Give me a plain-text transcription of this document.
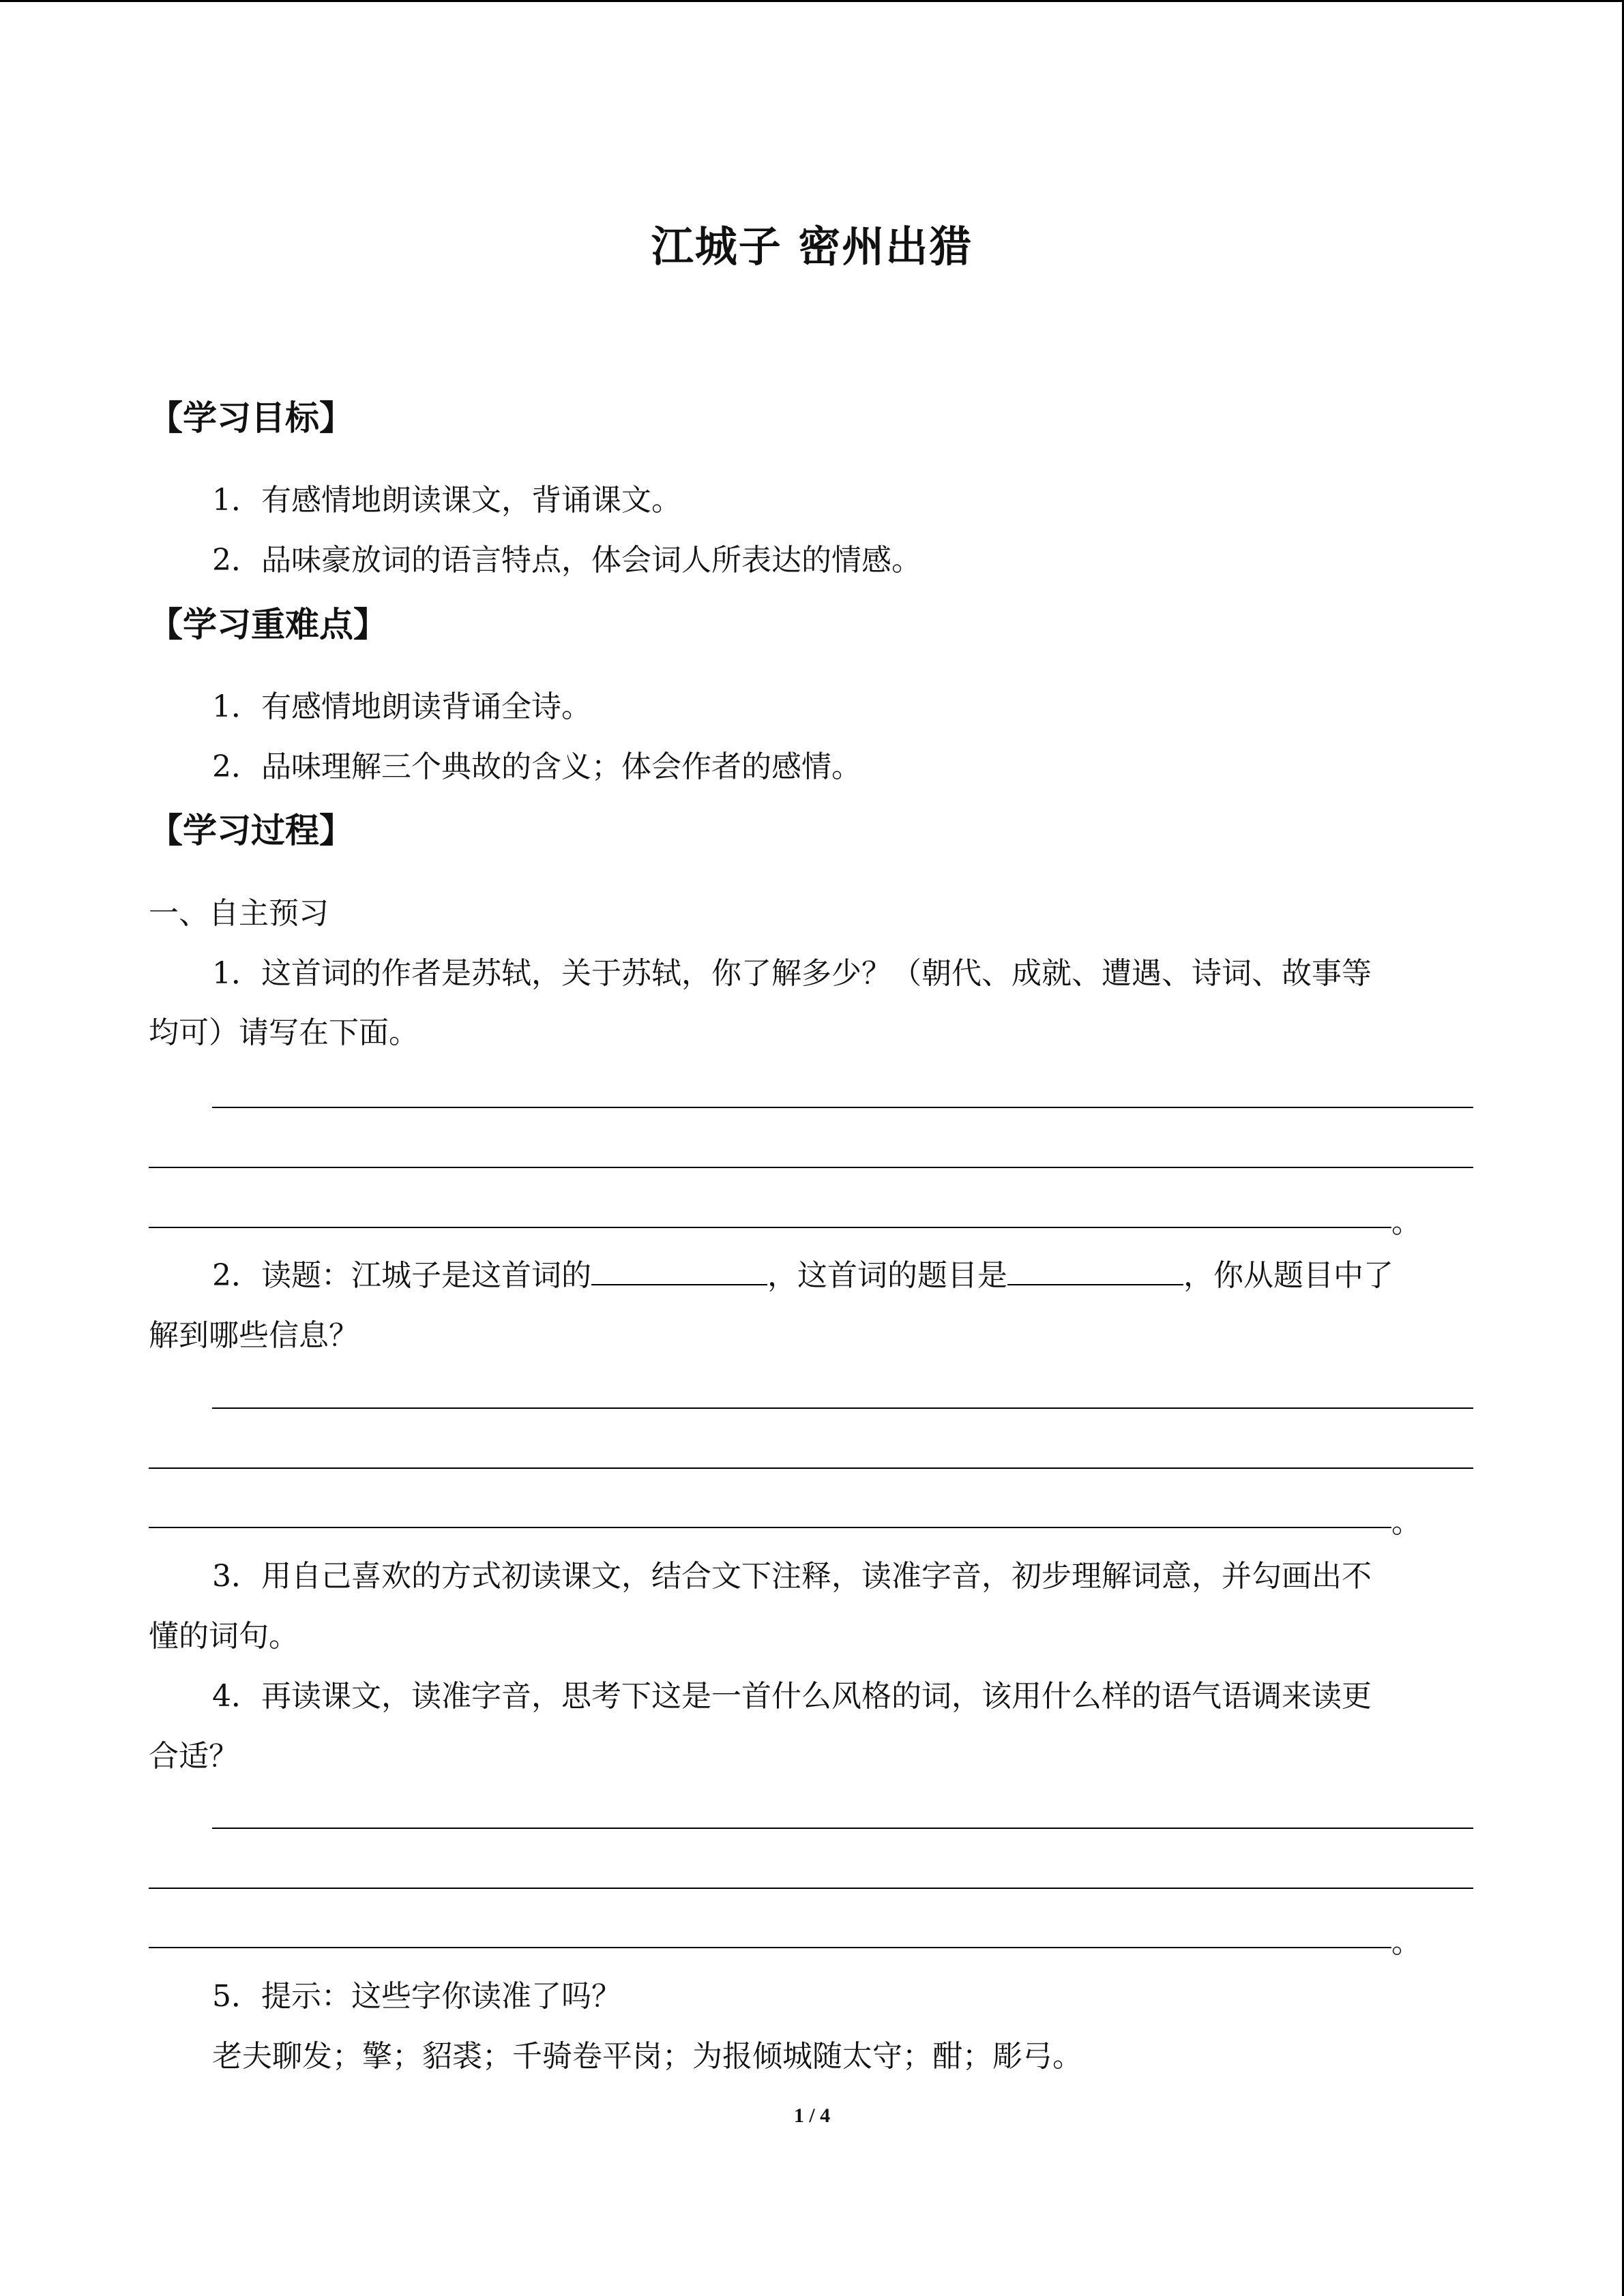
江城子 密州出猎
【学习目标】
1．有感情地朗读课文，背诵课文。
2．品味豪放词的语言特点，体会词人所表达的情感。
【学习重难点】
1．有感情地朗读背诵全诗。
2．品味理解三个典故的含义；体会作者的感情。
【学习过程】
一、自主预习
1．这首词的作者是苏轼，关于苏轼，你了解多少？（朝代、成就、遭遇、诗词、故事等
均可）请写在下面。
。
2．读题：江城子是这首词的	，这首词的题目是	，你从题目中了
解到哪些信息？
。
3．用自己喜欢的方式初读课文，结合文下注释，读准字音，初步理解词意，并勾画出不
懂的词句。
4．再读课文，读准字音，思考下这是一首什么风格的词，该用什么样的语气语调来读更
合适？
。
5．提示：这些字你读准了吗？
老夫聊发；擎；貂裘；千骑卷平岗；为报倾城随太守；酣；彫弓。
1 / 4
